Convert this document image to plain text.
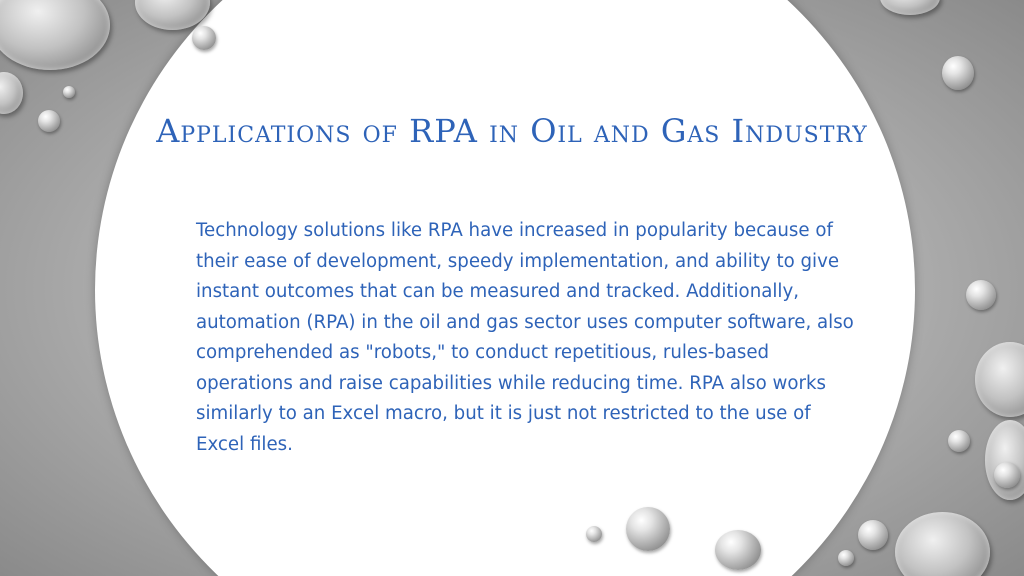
Applications of RPA in Oil and Gas Industry

Technology solutions like RPA have increased in popularity because of their ease of development, speedy implementation, and ability to give instant outcomes that can be measured and tracked. Additionally, automation (RPA) in the oil and gas sector uses computer software, also comprehended as "robots," to conduct repetitious, rules-based operations and raise capabilities while reducing time. RPA also works similarly to an Excel macro, but it is just not restricted to the use of Excel files.
